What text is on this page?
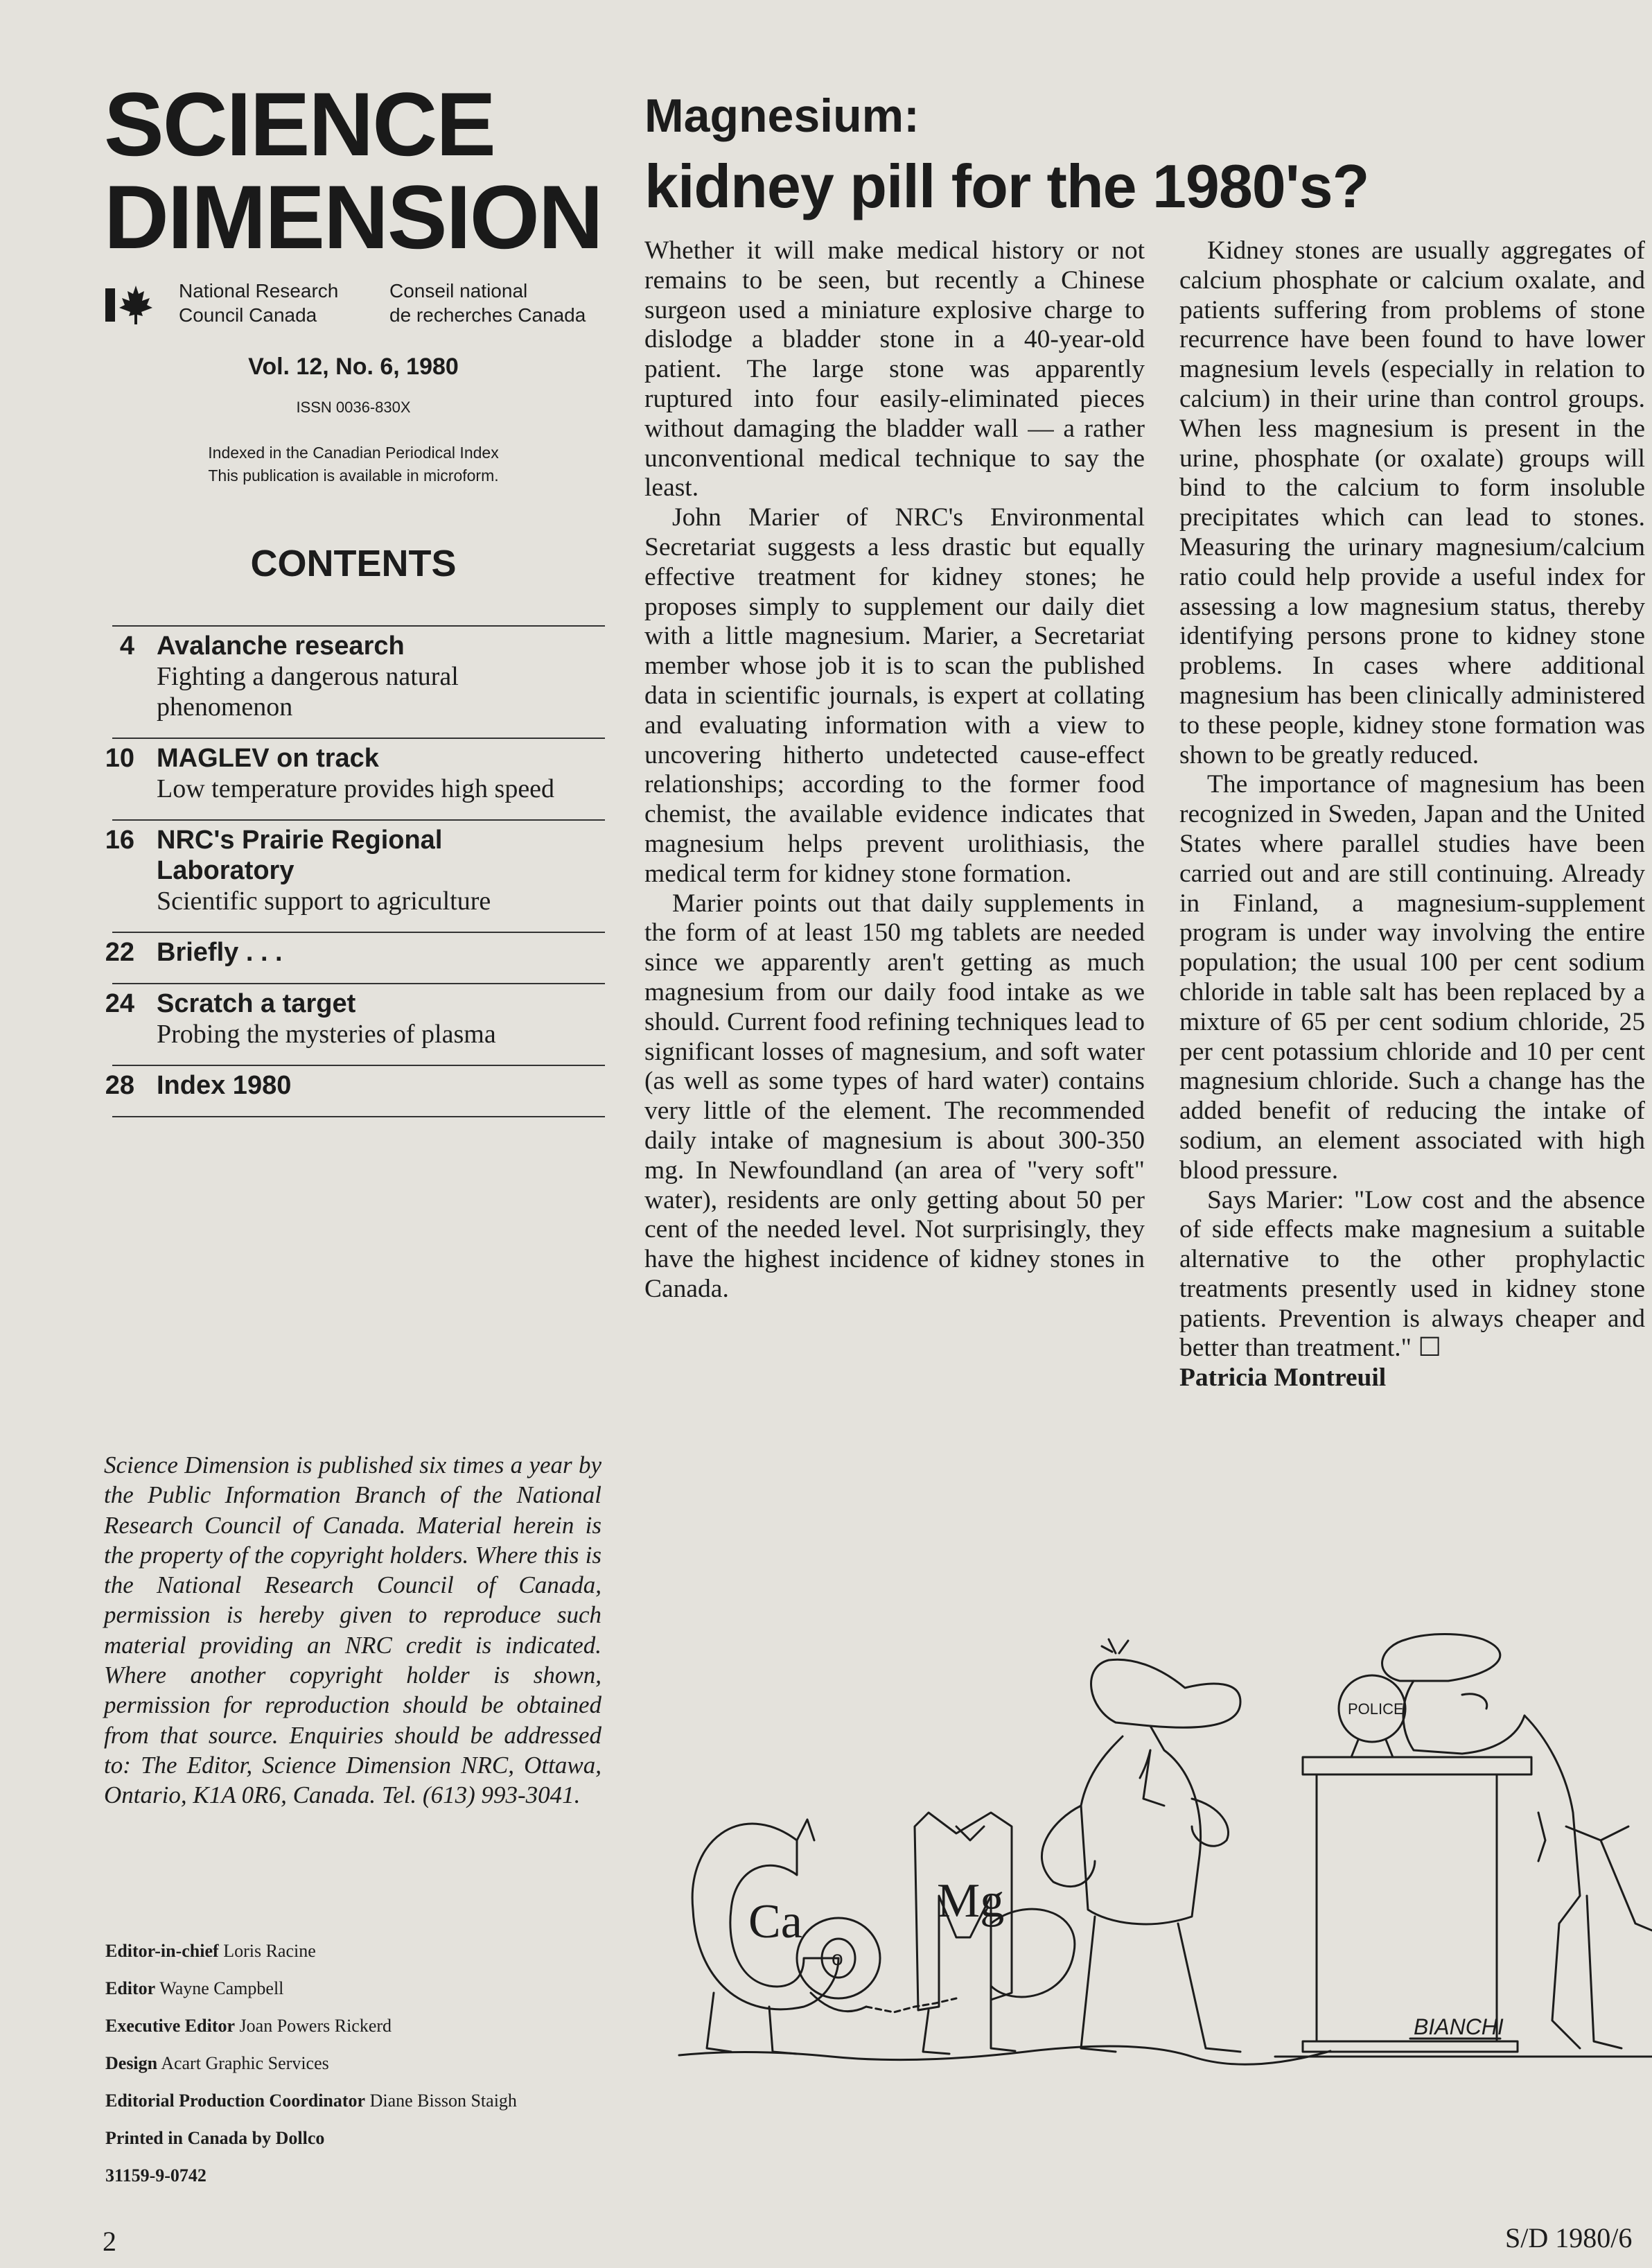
SCIENCE
DIMENSION
National Research
Council Canada
Conseil national
de recherches Canada
Vol. 12, No. 6, 1980
ISSN 0036-830X
Indexed in the Canadian Periodical Index
This publication is available in microform.
CONTENTS
4 Avalanche research
Fighting a dangerous natural phenomenon
10 MAGLEV on track
Low temperature provides high speed
16 NRC's Prairie Regional Laboratory
Scientific support to agriculture
22 Briefly . . .
24 Scratch a target
Probing the mysteries of plasma
28 Index 1980
Magnesium:
kidney pill for the 1980's?

Whether it will make medical history or not remains to be seen, but recently a Chinese surgeon used a miniature explosive charge to dislodge a bladder stone in a 40-year-old patient. The large stone was apparently ruptured into four easily-eliminated pieces without damaging the bladder wall — a rather unconventional medical technique to say the least.

John Marier of NRC's Environmental Secretariat suggests a less drastic but equally effective treatment for kidney stones; he proposes simply to supplement our daily diet with a little magnesium. Marier, a Secretariat member whose job it is to scan the published data in scientific journals, is expert at collating and evaluating information with a view to uncovering hitherto undetected cause-effect relationships; according to the former food chemist, the available evidence indicates that magnesium helps prevent urolithiasis, the medical term for kidney stone formation.

Marier points out that daily supplements in the form of at least 150 mg tablets are needed since we apparently aren't getting as much magnesium from our daily food intake as we should. Current food refining techniques lead to significant losses of magnesium, and soft water (as well as some types of hard water) contains very little of the element. The recommended daily intake of magnesium is about 300-350 mg. In Newfoundland (an area of "very soft" water), residents are only getting about 50 per cent of the needed level. Not surprisingly, they have the highest incidence of kidney stones in Canada.

Kidney stones are usually aggregates of calcium phosphate or calcium oxalate, and patients suffering from problems of stone recurrence have been found to have lower magnesium levels (especially in relation to calcium) in their urine than control groups. When less magnesium is present in the urine, phosphate (or oxalate) groups will bind to the calcium to form insoluble precipitates which can lead to stones. Measuring the urinary magnesium/calcium ratio could help provide a useful index for assessing a low magnesium status, thereby identifying persons prone to kidney stone problems. In cases where additional magnesium has been clinically administered to these people, kidney stone formation was shown to be greatly reduced.

The importance of magnesium has been recognized in Sweden, Japan and the United States where parallel studies have been carried out and are still continuing. Already in Finland, a magnesium-supplement program is under way involving the entire population; the usual 100 per cent sodium chloride in table salt has been replaced by a mixture of 65 per cent sodium chloride, 25 per cent potassium chloride and 10 per cent magnesium chloride. Such a change has the added benefit of reducing the intake of sodium, an element associated with high blood pressure.

Says Marier: "Low cost and the absence of side effects make magnesium a suitable alternative to the other prophylactic treatments presently used in kidney stone patients. Prevention is always cheaper and better than treatment." ☐

Patricia Montreuil

Science Dimension is published six times a year by the Public Information Branch of the National Research Council of Canada. Material herein is the property of the copyright holders. Where this is the National Research Council of Canada, permission is hereby given to reproduce such material providing an NRC credit is indicated. Where another copyright holder is shown, permission for reproduction should be obtained from that source. Enquiries should be addressed to: The Editor, Science Dimension NRC, Ottawa, Ontario, K1A 0R6, Canada. Tel. (613) 993-3041.
Editor-in-chief Loris Racine
Editor Wayne Campbell
Executive Editor Joan Powers Rickerd
Design Acart Graphic Services
Editorial Production Coordinator Diane Bisson Staigh
Printed in Canada by Dollco
31159-9-0742
o
Ca	Mg
POLICE
BIANCHI
2	S/D 1980/6
